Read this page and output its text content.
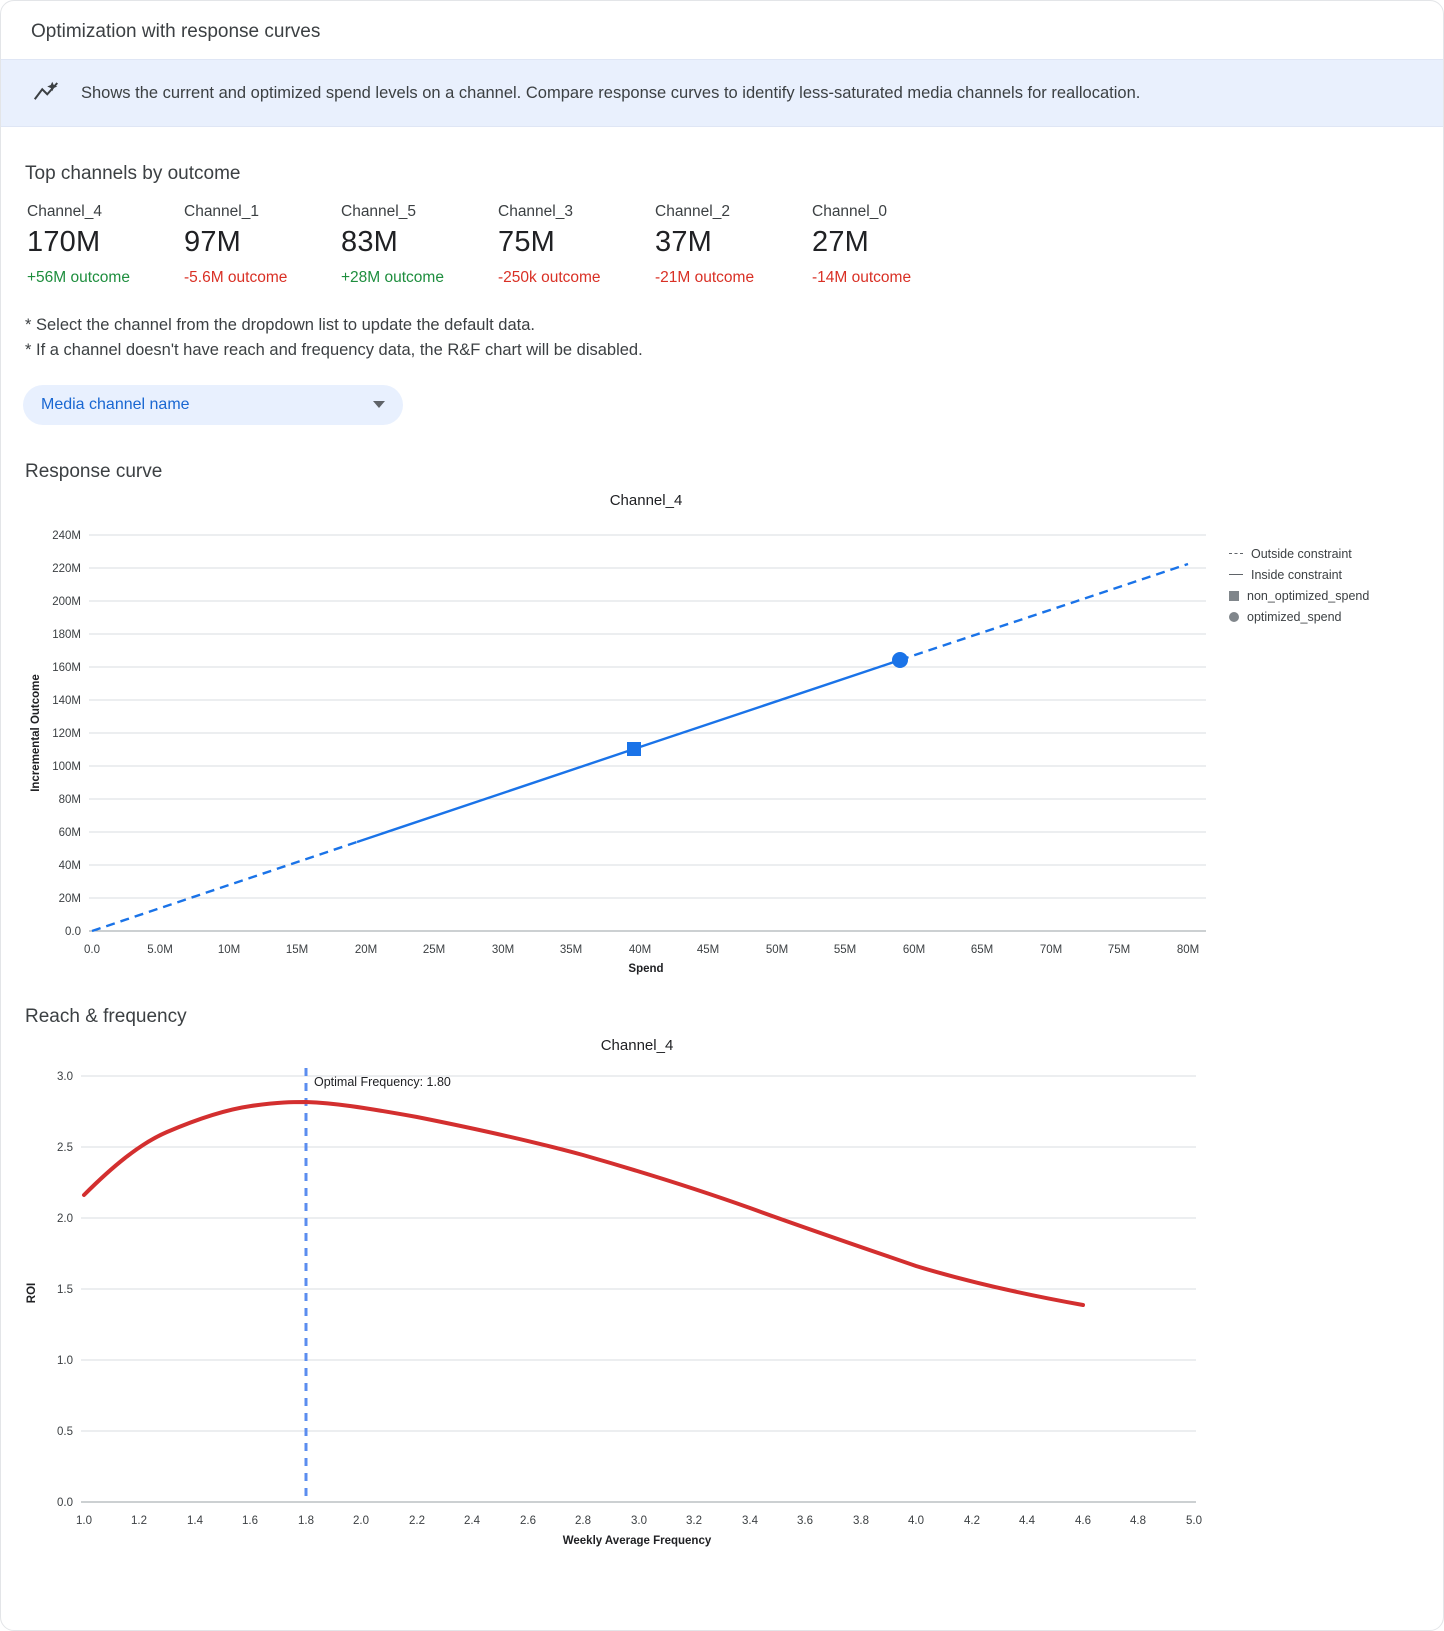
Optimization with response curves
Shows the current and optimized spend levels on a channel. Compare response curves to identify less-saturated media channels for reallocation.
Top channels by outcome
Channel_4
170M
+56M outcome
Channel_1
97M
-5.6M outcome
Channel_5
83M
+28M outcome
Channel_3
75M
-250k outcome
Channel_2
37M
-21M outcome
Channel_0
27M
-14M outcome
* Select the channel from the dropdown list to update the default data.
* If a channel doesn't have reach and frequency data, the R&F chart will be disabled.
Media channel name
Response curve
Channel_4
240M
220M
200M
180M
160M
140M
120M
100M
80M
60M
40M
20M
0.0
0.0	5.0M	10M	15M	20M	25M	30M	35M	40M	45M	50M	55M	60M	65M	70M	75M	80M
Spend
Incremental Outcome
Outside constraint
Inside constraint
non_optimized_spend
optimized_spend
Reach & frequency
Channel_4
3.0
2.5
2.0
1.5
1.0
0.5
0.0
1.0	1.2	1.4	1.6	1.8	2.0	2.2	2.4	2.6	2.8	3.0	3.2	3.4	3.6	3.8	4.0	4.2	4.4	4.6	4.8	5.0
Weekly Average Frequency
ROI
Optimal Frequency: 1.80
